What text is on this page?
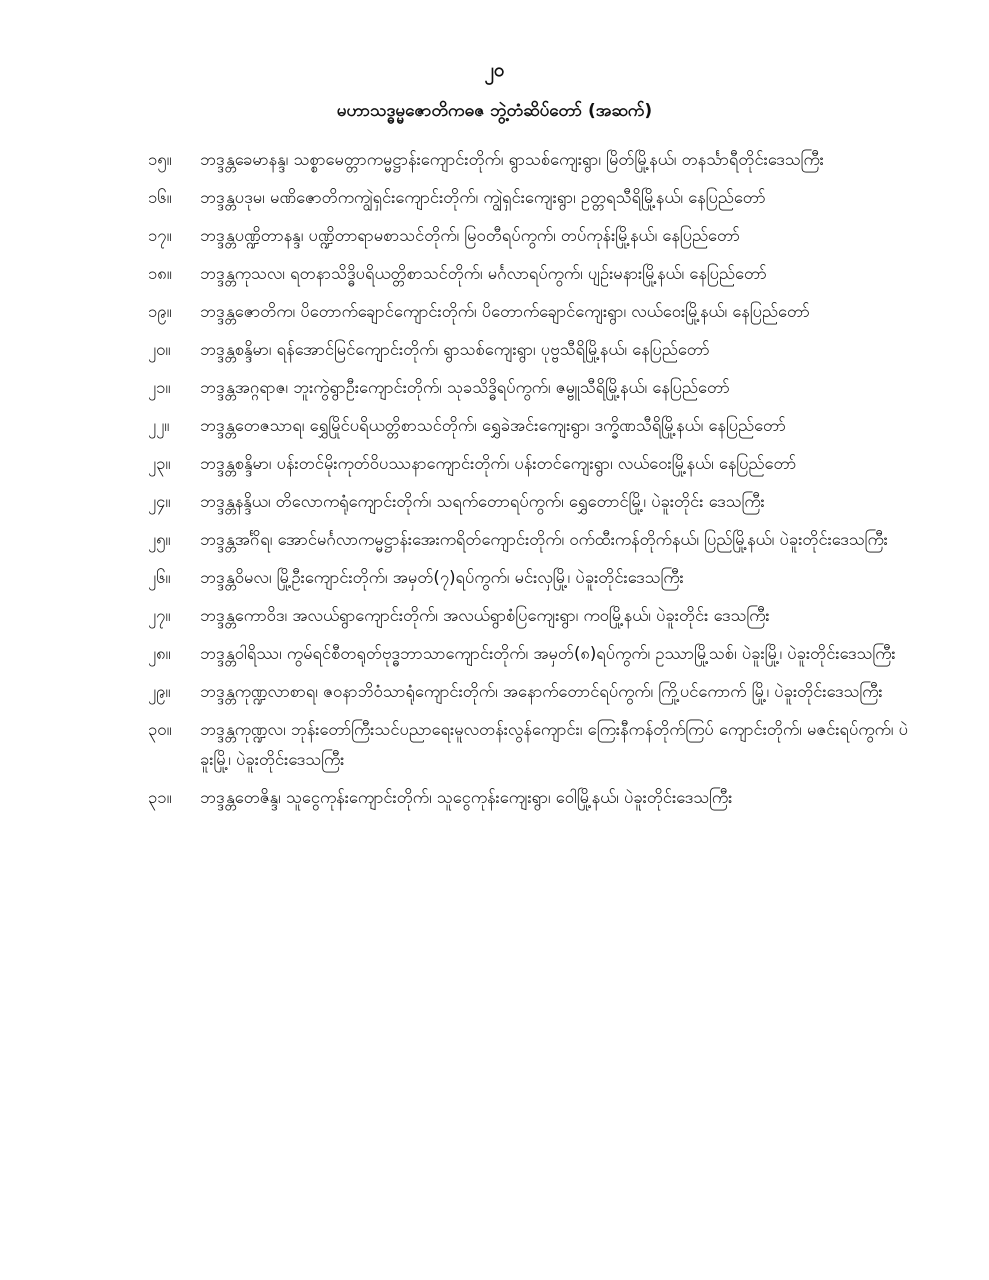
၂၀
မဟာသဒ္ဓမ္မဇောတိကဓဇ ဘွဲ့တံဆိပ်တော် (အဆက်)
၁၅။	ဘဒ္ဒန္တခေမာနန္ဒ၊ သစ္စာမေတ္တာကမ္မဋ္ဌာန်းကျောင်းတိုက်၊ ရွာသစ်ကျေးရွာ၊ မြိတ်မြို့နယ်၊ တနင်္သာရီတိုင်းဒေသကြီး
၁၆။	ဘဒ္ဒန္တပဒုမ၊ မဏိဇောတိကကျွဲရှင်းကျောင်းတိုက်၊ ကျွဲရှင်းကျေးရွာ၊ ဥတ္တရသီရိမြို့နယ်၊ နေပြည်တော်
၁၇။	ဘဒ္ဒန္တပဏ္ဍိတာနန္ဒ၊ ပဏ္ဍိတာရာမစာသင်တိုက်၊ မြဝတီရပ်ကွက်၊ တပ်ကုန်းမြို့နယ်၊ နေပြည်တော်
၁၈။	ဘဒ္ဒန္တကုသလ၊ ရတနာသိဒ္ဓိပရိယတ္တိစာသင်တိုက်၊ မင်္ဂလာရပ်ကွက်၊ ပျဉ်းမနားမြို့နယ်၊ နေပြည်တော်
၁၉။	ဘဒ္ဒန္တဇောတိက၊ ပိတောက်ချောင်ကျောင်းတိုက်၊ ပိတောက်ချောင်ကျေးရွာ၊ လယ်ဝေးမြို့နယ်၊ နေပြည်တော်
၂၀။	ဘဒ္ဒန္တစန္ဒိမာ၊ ရန်အောင်မြင်ကျောင်းတိုက်၊ ရွာသစ်ကျေးရွာ၊ ပုဗ္ဗသီရိမြို့နယ်၊ နေပြည်တော်
၂၁။	ဘဒ္ဒန္တအဂ္ဂရာဇ၊ ဘူးကွဲရွာဦးကျောင်းတိုက်၊ သုခသိဒ္ဓိရပ်ကွက်၊ ဇမ္ဗူသီရိမြို့နယ်၊ နေပြည်တော်
၂၂။	ဘဒ္ဒန္တတေဇသာရ၊ ရွှေမြိုင်ပရိယတ္တိစာသင်တိုက်၊ ရွှေခဲအင်းကျေးရွာ၊ ဒက္ခိဏသီရိမြို့နယ်၊ နေပြည်တော်
၂၃။	ဘဒ္ဒန္တစန္ဒိမာ၊ ပန်းတင်မိုးကုတ်ဝိပဿနာကျောင်းတိုက်၊ ပန်းတင်ကျေးရွာ၊ လယ်ဝေးမြို့နယ်၊ နေပြည်တော်
၂၄။	ဘဒ္ဒန္တနန္ဒိယ၊ တိလောကရုံကျောင်းတိုက်၊ သရက်တောရပ်ကွက်၊ ရွှေတောင်မြို့၊ ပဲခူးတိုင်း ဒေသကြီး
၂၅။	ဘဒ္ဒန္တအင်္ဂိရ၊ အောင်မင်္ဂလာကမ္မဋ္ဌာန်းအေးကရိတ်ကျောင်းတိုက်၊ ဝက်ထီးကန်တိုက်နယ်၊ ပြည်မြို့နယ်၊ ပဲခူးတိုင်းဒေသကြီး
၂၆။	ဘဒ္ဒန္တဝိမလ၊ မြို့ဦးကျောင်းတိုက်၊ အမှတ်(၇)ရပ်ကွက်၊ မင်းလှမြို့၊ ပဲခူးတိုင်းဒေသကြီး
၂၇။	ဘဒ္ဒန္တကောဝိဒ၊ အလယ်ရွာကျောင်းတိုက်၊ အလယ်ရွာစံပြကျေးရွာ၊ ကဝမြို့နယ်၊ ပဲခူးတိုင်း ဒေသကြီး
၂၈။	ဘဒ္ဒန္တဝါရိဿ၊ ကွမ်ရင်စီတရုတ်ဗုဒ္ဓဘာသာကျောင်းတိုက်၊ အမှတ်(၈)ရပ်ကွက်၊ ဥဿာမြို့သစ်၊ ပဲခူးမြို့၊ ပဲခူးတိုင်းဒေသကြီး
၂၉။	ဘဒ္ဒန္တကုဏ္ဍလာစာရ၊ ဇဝနာဘိဝံသာရုံကျောင်းတိုက်၊ အနောက်တောင်ရပ်ကွက်၊ ကြို့ပင်ကောက် မြို့၊ ပဲခူးတိုင်းဒေသကြီး
၃၀။	ဘဒ္ဒန္တကုဏ္ဍလ၊ ဘုန်းတော်ကြီးသင်ပညာရေးမူလတန်းလွန်ကျောင်း၊ ကြေးနီကန်တိုက်ကြပ် ကျောင်းတိုက်၊ မဇင်းရပ်ကွက်၊ ပဲခူးမြို့၊ ပဲခူးတိုင်းဒေသကြီး
၃၁။	ဘဒ္ဒန္တတေဇိန္ဒ၊ သူငွေကုန်းကျောင်းတိုက်၊ သူငွေကုန်းကျေးရွာ၊ ဝေါမြို့နယ်၊ ပဲခူးတိုင်းဒေသကြီး
